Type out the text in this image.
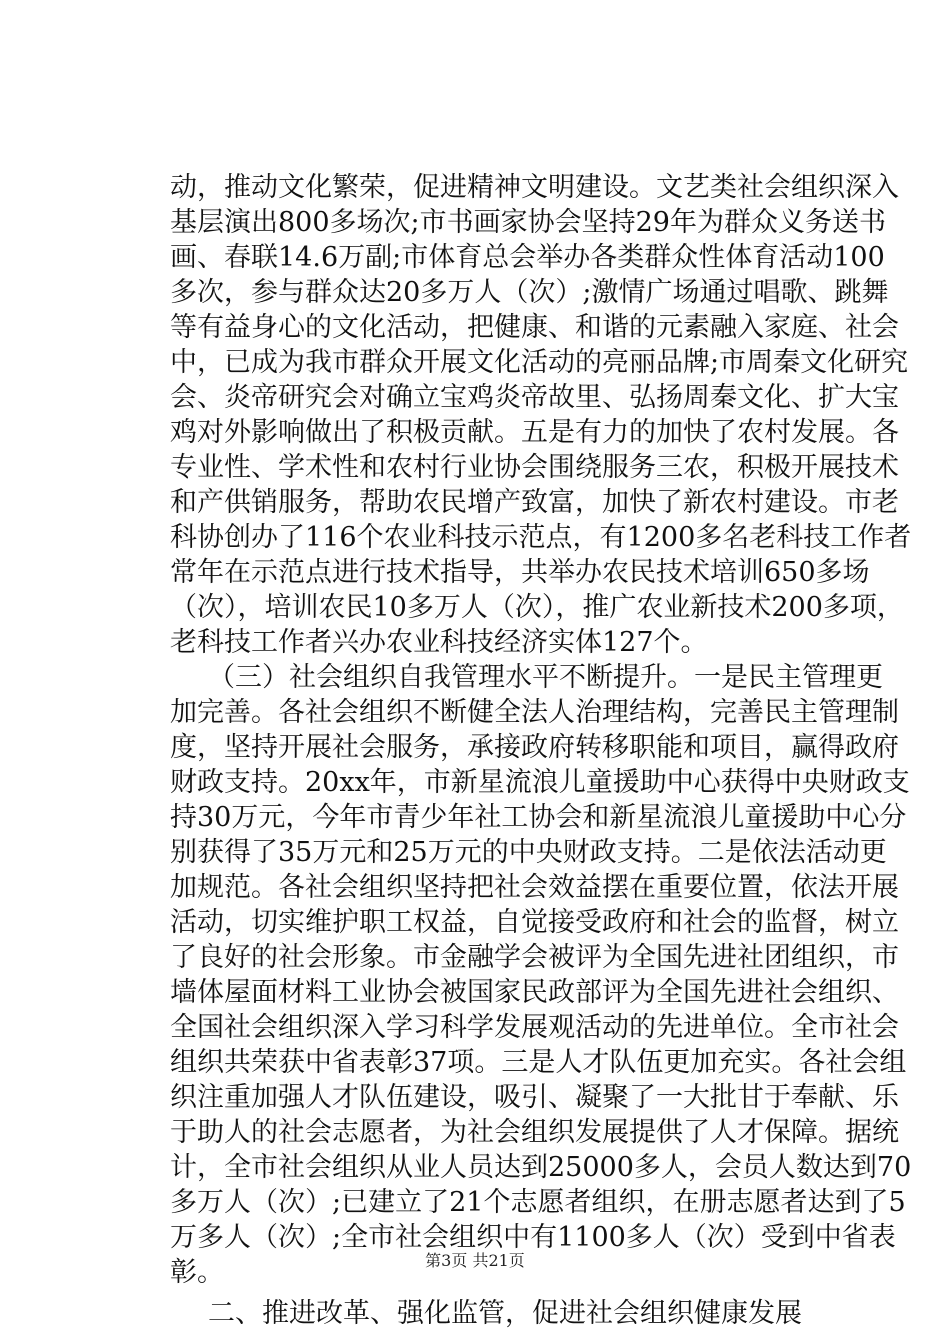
动，推动文化繁荣，促进精神文明建设。文艺类社会组织深入
基层演出800多场次;市书画家协会坚持29年为群众义务送书
画、春联14.6万副;市体育总会举办各类群众性体育活动100
多次，参与群众达20多万人（次）;激情广场通过唱歌、跳舞
等有益身心的文化活动，把健康、和谐的元素融入家庭、社会
中，已成为我市群众开展文化活动的亮丽品牌;市周秦文化研究
会、炎帝研究会对确立宝鸡炎帝故里、弘扬周秦文化、扩大宝
鸡对外影响做出了积极贡献。五是有力的加快了农村发展。各
专业性、学术性和农村行业协会围绕服务三农，积极开展技术
和产供销服务，帮助农民增产致富，加快了新农村建设。市老
科协创办了116个农业科技示范点，有1200多名老科技工作者
常年在示范点进行技术指导，共举办农民技术培训650多场
（次），培训农民10多万人（次），推广农业新技术200多项，
老科技工作者兴办农业科技经济实体127个。
（三）社会组织自我管理水平不断提升。一是民主管理更
加完善。各社会组织不断健全法人治理结构，完善民主管理制
度，坚持开展社会服务，承接政府转移职能和项目，赢得政府
财政支持。20xx年，市新星流浪儿童援助中心获得中央财政支
持30万元，今年市青少年社工协会和新星流浪儿童援助中心分
别获得了35万元和25万元的中央财政支持。二是依法活动更
加规范。各社会组织坚持把社会效益摆在重要位置，依法开展
活动，切实维护职工权益，自觉接受政府和社会的监督，树立
了良好的社会形象。市金融学会被评为全国先进社团组织，市
墙体屋面材料工业协会被国家民政部评为全国先进社会组织、
全国社会组织深入学习科学发展观活动的先进单位。全市社会
组织共荣获中省表彰37项。三是人才队伍更加充实。各社会组
织注重加强人才队伍建设，吸引、凝聚了一大批甘于奉献、乐
于助人的社会志愿者，为社会组织发展提供了人才保障。据统
计，全市社会组织从业人员达到25000多人，会员人数达到70
多万人（次）;已建立了21个志愿者组织，在册志愿者达到了5
万多人（次）;全市社会组织中有1100多人（次）受到中省表
彰。
二、推进改革、强化监管，促进社会组织健康发展
第3页 共21页
